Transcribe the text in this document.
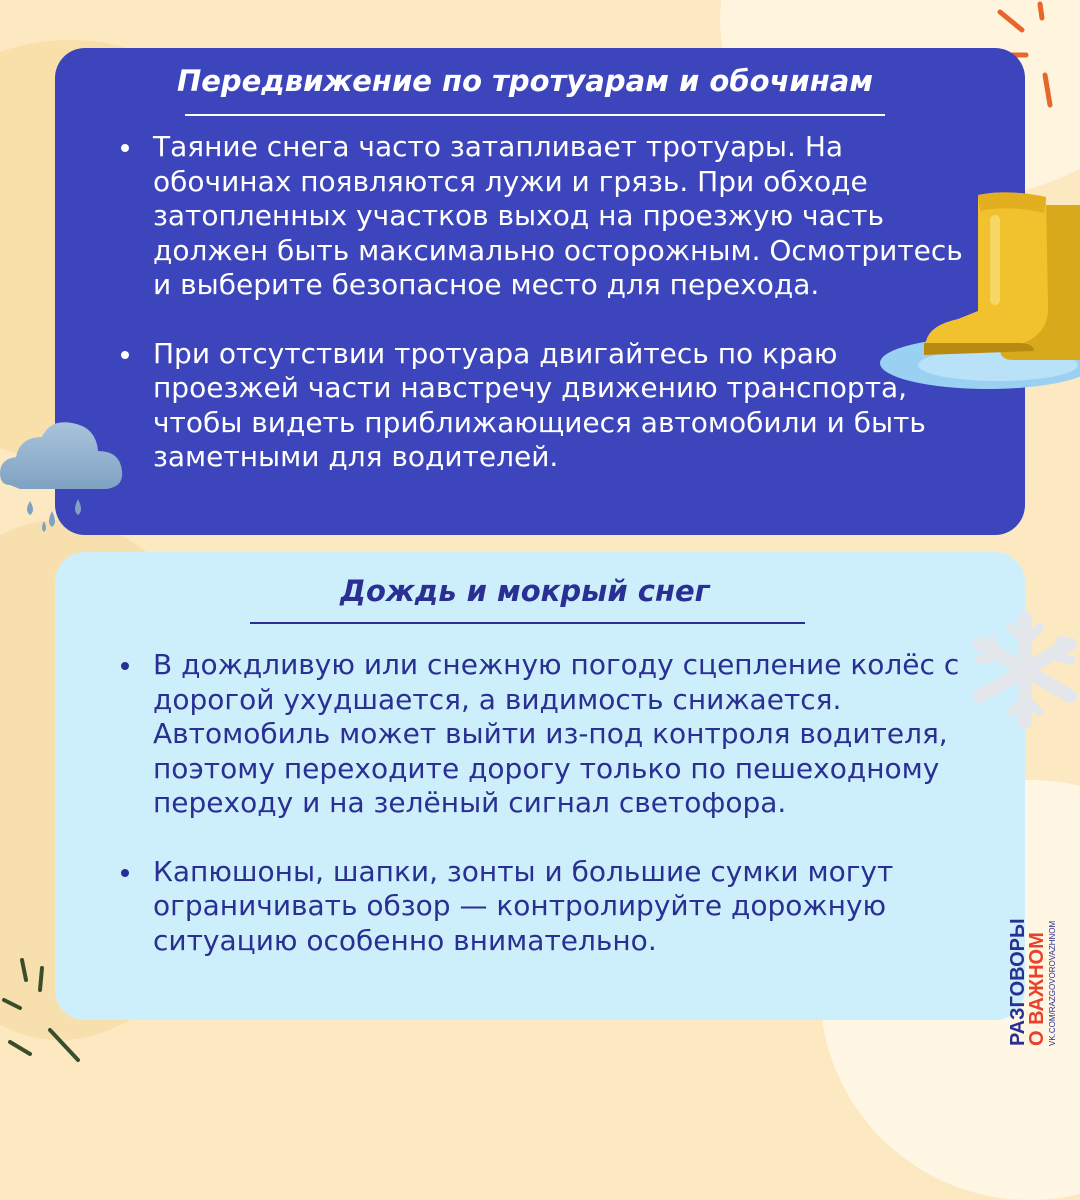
Передвижение по тротуарам и обочинам
Таяние снега часто затапливает тротуары. На обочинах появляются лужи и грязь. При обходе затопленных участков выход на проезжую часть должен быть максимально осторожным. Осмотритесь и выберите безопасное место для перехода.
При отсутствии тротуара двигайтесь по краю проезжей части навстречу движению транспорта, чтобы видеть приближающиеся автомобили и быть заметными для водителей.
Дождь и мокрый снег
В дождливую или снежную погоду сцепление колёс с дорогой ухудшается, а видимость снижается. Автомобиль может выйти из-под контроля водителя, поэтому переходите дорогу только по пешеходному переходу и на зелёный сигнал светофора.
Капюшоны, шапки, зонты и большие сумки могут ограничивать обзор — контролируйте дорожную ситуацию особенно внимательно.	РАЗГОВОРЫ
О ВАЖНОМ VK.COM/RAZGOVOROVAZHNOM
